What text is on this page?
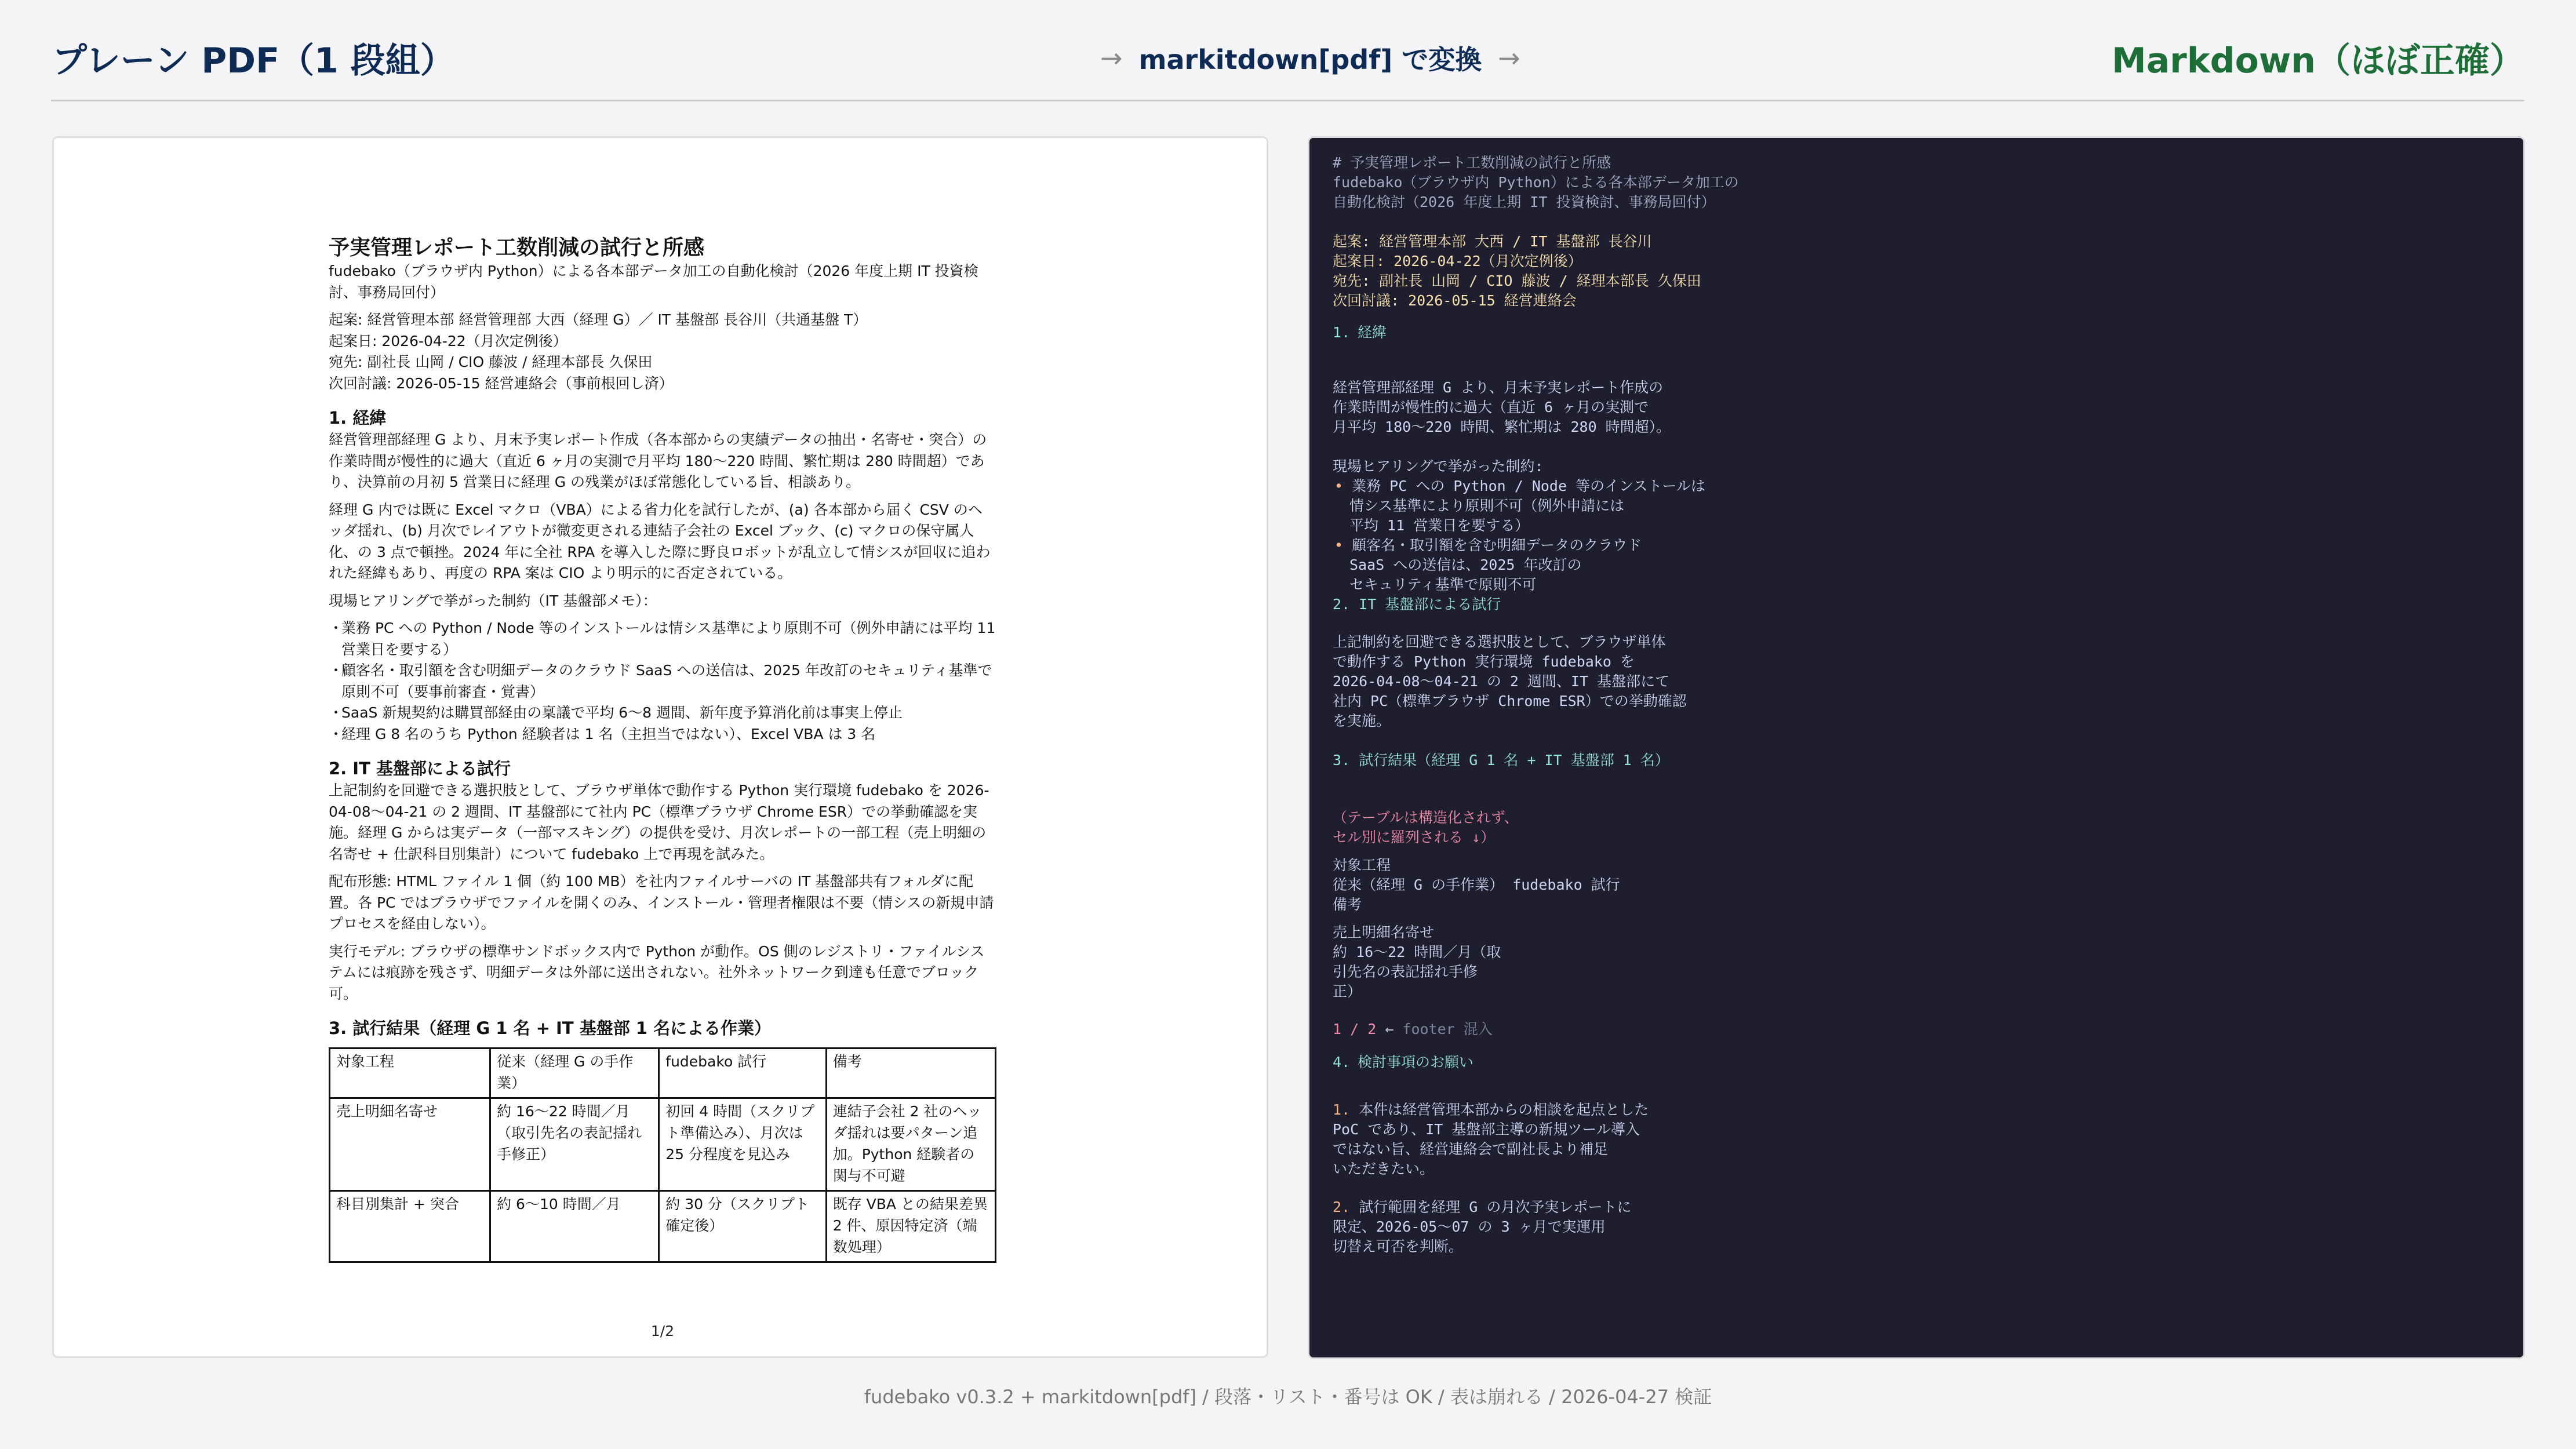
プレーン PDF（1 段組）	→ markitdown[pdf] で変換 →	Markdown（ほぼ正確）
予実管理レポート工数削減の試行と所感

fudebako（ブラウザ内 Python）による各本部データ加工の自動化検討（2026 年度上期 IT 投資検討、事務局回付）

起案: 経営管理本部 経営管理部 大西（経理 G）／ IT 基盤部 長谷川（共通基盤 T）
起案日: 2026-04-22（月次定例後）
宛先: 副社長 山岡 / CIO 藤波 / 経理本部長 久保田
次回討議: 2026-05-15 経営連絡会（事前根回し済）
1. 経緯

経営管理部経理 G より、月末予実レポート作成（各本部からの実績データの抽出・名寄せ・突合）の作業時間が慢性的に過大（直近 6 ヶ月の実測で月平均 180〜220 時間、繁忙期は 280 時間超）であり、決算前の月初 5 営業日に経理 G の残業がほぼ常態化している旨、相談あり。

経理 G 内では既に Excel マクロ（VBA）による省力化を試行したが、(a) 各本部から届く CSV のヘッダ揺れ、(b) 月次でレイアウトが微変更される連結子会社の Excel ブック、(c) マクロの保守属人化、の 3 点で頓挫。2024 年に全社 RPA を導入した際に野良ロボットが乱立して情シスが回収に追われた経緯もあり、再度の RPA 案は CIO より明示的に否定されている。

現場ヒアリングで挙がった制約（IT 基盤部メモ）：

・
業務 PC への Python / Node 等のインストールは情シス基準により原則不可（例外申請には平均 11 営業日を要する）
・
顧客名・取引額を含む明細データのクラウド SaaS への送信は、2025 年改訂のセキュリティ基準で原則不可（要事前審査・覚書）
・
SaaS 新規契約は購買部経由の稟議で平均 6〜8 週間、新年度予算消化前は事実上停止
・
経理 G 8 名のうち Python 経験者は 1 名（主担当ではない）、Excel VBA は 3 名
2. IT 基盤部による試行

上記制約を回避できる選択肢として、ブラウザ単体で動作する Python 実行環境 fudebako を 2026-04-08〜04-21 の 2 週間、IT 基盤部にて社内 PC（標準ブラウザ Chrome ESR）での挙動確認を実施。経理 G からは実データ（一部マスキング）の提供を受け、月次レポートの一部工程（売上明細の名寄せ + 仕訳科目別集計）について fudebako 上で再現を試みた。

配布形態: HTML ファイル 1 個（約 100 MB）を社内ファイルサーバの IT 基盤部共有フォルダに配置。各 PC ではブラウザでファイルを開くのみ、インストール・管理者権限は不要（情シスの新規申請プロセスを経由しない）。

実行モデル: ブラウザの標準サンドボックス内で Python が動作。OS 側のレジストリ・ファイルシステムには痕跡を残さず、明細データは外部に送出されない。社外ネットワーク到達も任意でブロック可。

3. 試行結果（経理 G 1 名 + IT 基盤部 1 名による作業）
対象工程	従来（経理 G の手作業）	fudebako 試行	備考
売上明細名寄せ	約 16〜22 時間／月（取引先名の表記揺れ手修正）	初回 4 時間（スクリプト準備込み）、月次は 25 分程度を見込み	連結子会社 2 社のヘッダ揺れは要パターン追加。Python 経験者の関与不可避
科目別集計 + 突合	約 6〜10 時間／月	約 30 分（スクリプト確定後）	既存 VBA との結果差異 2 件、原因特定済（端数処理）
1/2
# 予実管理レポート工数削減の試行と所感
fudebako（ブラウザ内 Python）による各本部データ加工の
自動化検討（2026 年度上期 IT 投資検討、事務局回付）
起案: 経営管理本部 大西 / IT 基盤部 長谷川
起案日: 2026-04-22（月次定例後）
宛先: 副社長 山岡 / CIO 藤波 / 経理本部長 久保田
次回討議: 2026-05-15 経営連絡会
経緯
1.
経営管理部経理 G より、月末予実レポート作成の
作業時間が慢性的に過大（直近 6 ヶ月の実測で
月平均 180〜220 時間、繁忙期は 280 時間超）。
現場ヒアリングで挙がった制約:
• 業務 PC への Python / Node 等のインストールは
情シス基準により原則不可（例外申請には
平均 11 営業日を要する）
• 顧客名・取引額を含む明細データのクラウド
SaaS への送信は、2025 年改訂の
セキュリティ基準で原則不可
2. IT 基盤部による試行
上記制約を回避できる選択肢として、ブラウザ単体
で動作する Python 実行環境 fudebako を
2026-04-08〜04-21 の 2 週間、IT 基盤部にて
社内 PC（標準ブラウザ Chrome ESR）での挙動確認
を実施。
3. 試行結果（経理 G 1 名 + IT 基盤部 1 名）
（テーブルは構造化されず、
セル別に羅列される ↓）
対象工程
従来（経理 G の手作業） fudebako 試行
備考
売上明細名寄せ
約 16〜22 時間／月（取
引先名の表記揺れ手修
正）
1 / 2 ← footer 混入
検討事項のお願い
4.
1. 本件は経営管理本部からの相談を起点とした
PoC であり、IT 基盤部主導の新規ツール導入
ではない旨、経営連絡会で副社長より補足
いただきたい。
2. 試行範囲を経理 G の月次予実レポートに
限定、2026-05〜07 の 3 ヶ月で実運用
切替え可否を判断。
fudebako v0.3.2 + markitdown[pdf] / 段落・リスト・番号は OK / 表は崩れる / 2026-04-27 検証
